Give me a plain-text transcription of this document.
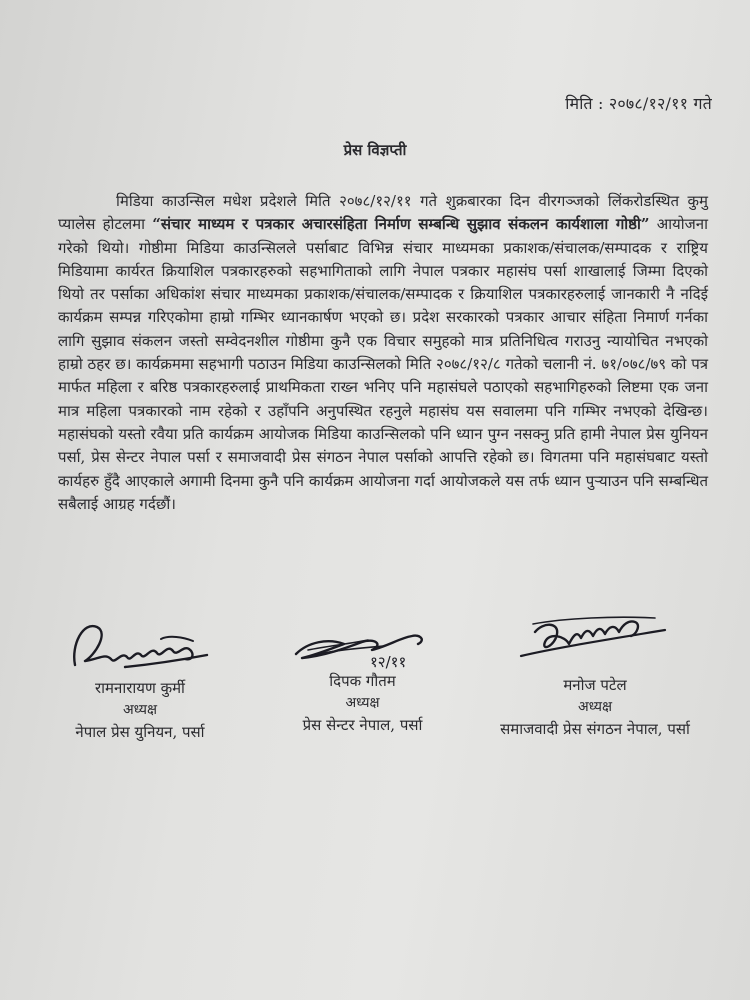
मिति : २०७८/१२/११ गते
प्रेस विज्ञप्ती

मिडिया काउन्सिल मधेश प्रदेशले मिति २०७८/१२/११ गते शुक्रबारका दिन वीरगञ्जको लिंकरोडस्थित कुमु प्यालेस होटलमा “संचार माध्यम र पत्रकार अचारसंहिता निर्माण सम्बन्धि सुझाव संकलन कार्यशाला गोष्ठी” आयोजना गरेको थियो। गोष्ठीमा मिडिया काउन्सिलले पर्साबाट विभिन्न संचार माध्यमका प्रकाशक/संचालक/सम्पादक र राष्ट्रिय मिडियामा कार्यरत क्रियाशिल पत्रकारहरुको सहभागिताको लागि नेपाल पत्रकार महासंघ पर्सा शाखालाई जिम्मा दिएको थियो तर पर्साका अधिकांश संचार माध्यमका प्रकाशक/संचालक/सम्पादक र क्रियाशिल पत्रकारहरुलाई जानकारी नै नदिई कार्यक्रम सम्पन्न गरिएकोमा हाम्रो गम्भिर ध्यानकार्षण भएको छ। प्रदेश सरकारको पत्रकार आचार संहिता निमार्ण गर्नका लागि सुझाव संकलन जस्तो सम्वेदनशील गोष्ठीमा कुनै एक विचार समुहको मात्र प्रतिनिधित्व गराउनु न्यायोचित नभएको हाम्रो ठहर छ। कार्यक्रममा सहभागी पठाउन मिडिया काउन्सिलको मिति २०७८/१२/८ गतेको चलानी नं. ७१/०७८/७९ को पत्र मार्फत महिला र बरिष्ठ पत्रकारहरुलाई प्राथमिकता राख्न भनिए पनि महासंघले पठाएको सहभागिहरुको लिष्टमा एक जना मात्र महिला पत्रकारको नाम रहेको र उहाँपनि अनुपस्थित रहनुले महासंघ यस सवालमा पनि गम्भिर नभएको देखिन्छ। महासंघको यस्तो रवैया प्रति कार्यक्रम आयोजक मिडिया काउन्सिलको पनि ध्यान पुग्न नसक्नु प्रति हामी नेपाल प्रेस युनियन पर्सा, प्रेस सेन्टर नेपाल पर्सा र समाजवादी प्रेस संगठन नेपाल पर्साको आपत्ति रहेको छ। विगतमा पनि महासंघबाट यस्तो कार्यहरु हुँदै आएकाले अगामी दिनमा कुनै पनि कार्यक्रम आयोजना गर्दा आयोजकले यस तर्फ ध्यान पुऱ्याउन पनि सम्बन्धित सबैलाई आग्रह गर्दछौं।

रामनारायण कुर्मी
अध्यक्ष
नेपाल प्रेस युनियन, पर्सा
१२/११
दिपक गौतम
अध्यक्ष
प्रेस सेन्टर नेपाल, पर्सा
मनोज पटेल
अध्यक्ष
समाजवादी प्रेस संगठन नेपाल, पर्सा
